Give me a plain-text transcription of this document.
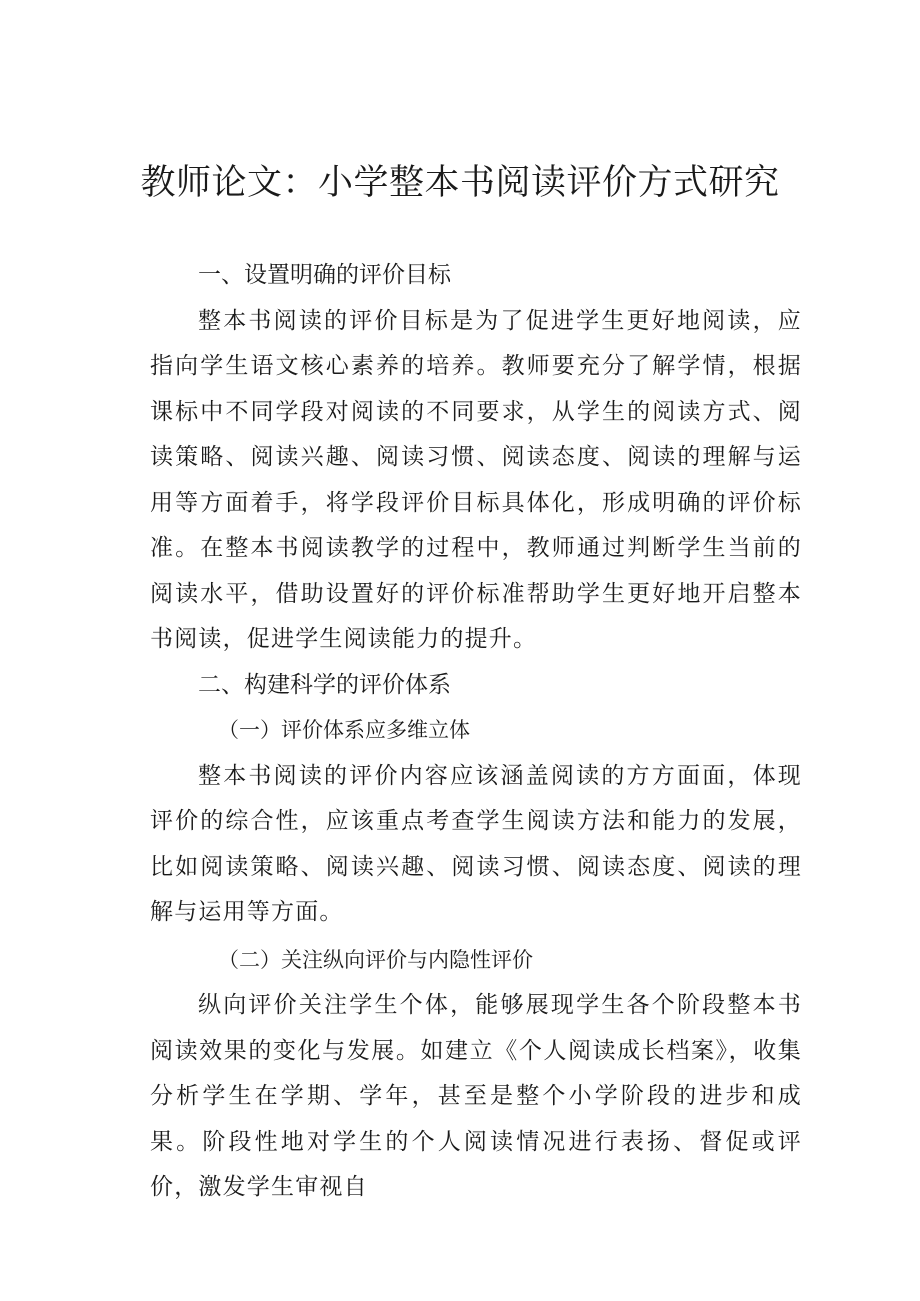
教师论文：小学整本书阅读评价方式研究
一、设置明确的评价目标

整本书阅读的评价目标是为了促进学生更好地阅读，应指向学生语文核心素养的培养。教师要充分了解学情，根据课标中不同学段对阅读的不同要求，从学生的阅读方式、阅读策略、阅读兴趣、阅读习惯、阅读态度、阅读的理解与运用等方面着手，将学段评价目标具体化，形成明确的评价标准。在整本书阅读教学的过程中，教师通过判断学生当前的阅读水平，借助设置好的评价标准帮助学生更好地开启整本书阅读，促进学生阅读能力的提升。

二、构建科学的评价体系
（一）评价体系应多维立体

整本书阅读的评价内容应该涵盖阅读的方方面面，体现评价的综合性，应该重点考查学生阅读方法和能力的发展，比如阅读策略、阅读兴趣、阅读习惯、阅读态度、阅读的理解与运用等方面。

（二）关注纵向评价与内隐性评价

纵向评价关注学生个体，能够展现学生各个阶段整本书阅读效果的变化与发展。如建立《个人阅读成长档案》，收集分析学生在学期、学年，甚至是整个小学阶段的进步和成果。阶段性地对学生的个人阅读情况进行表扬、督促或评价，激发学生审视自
